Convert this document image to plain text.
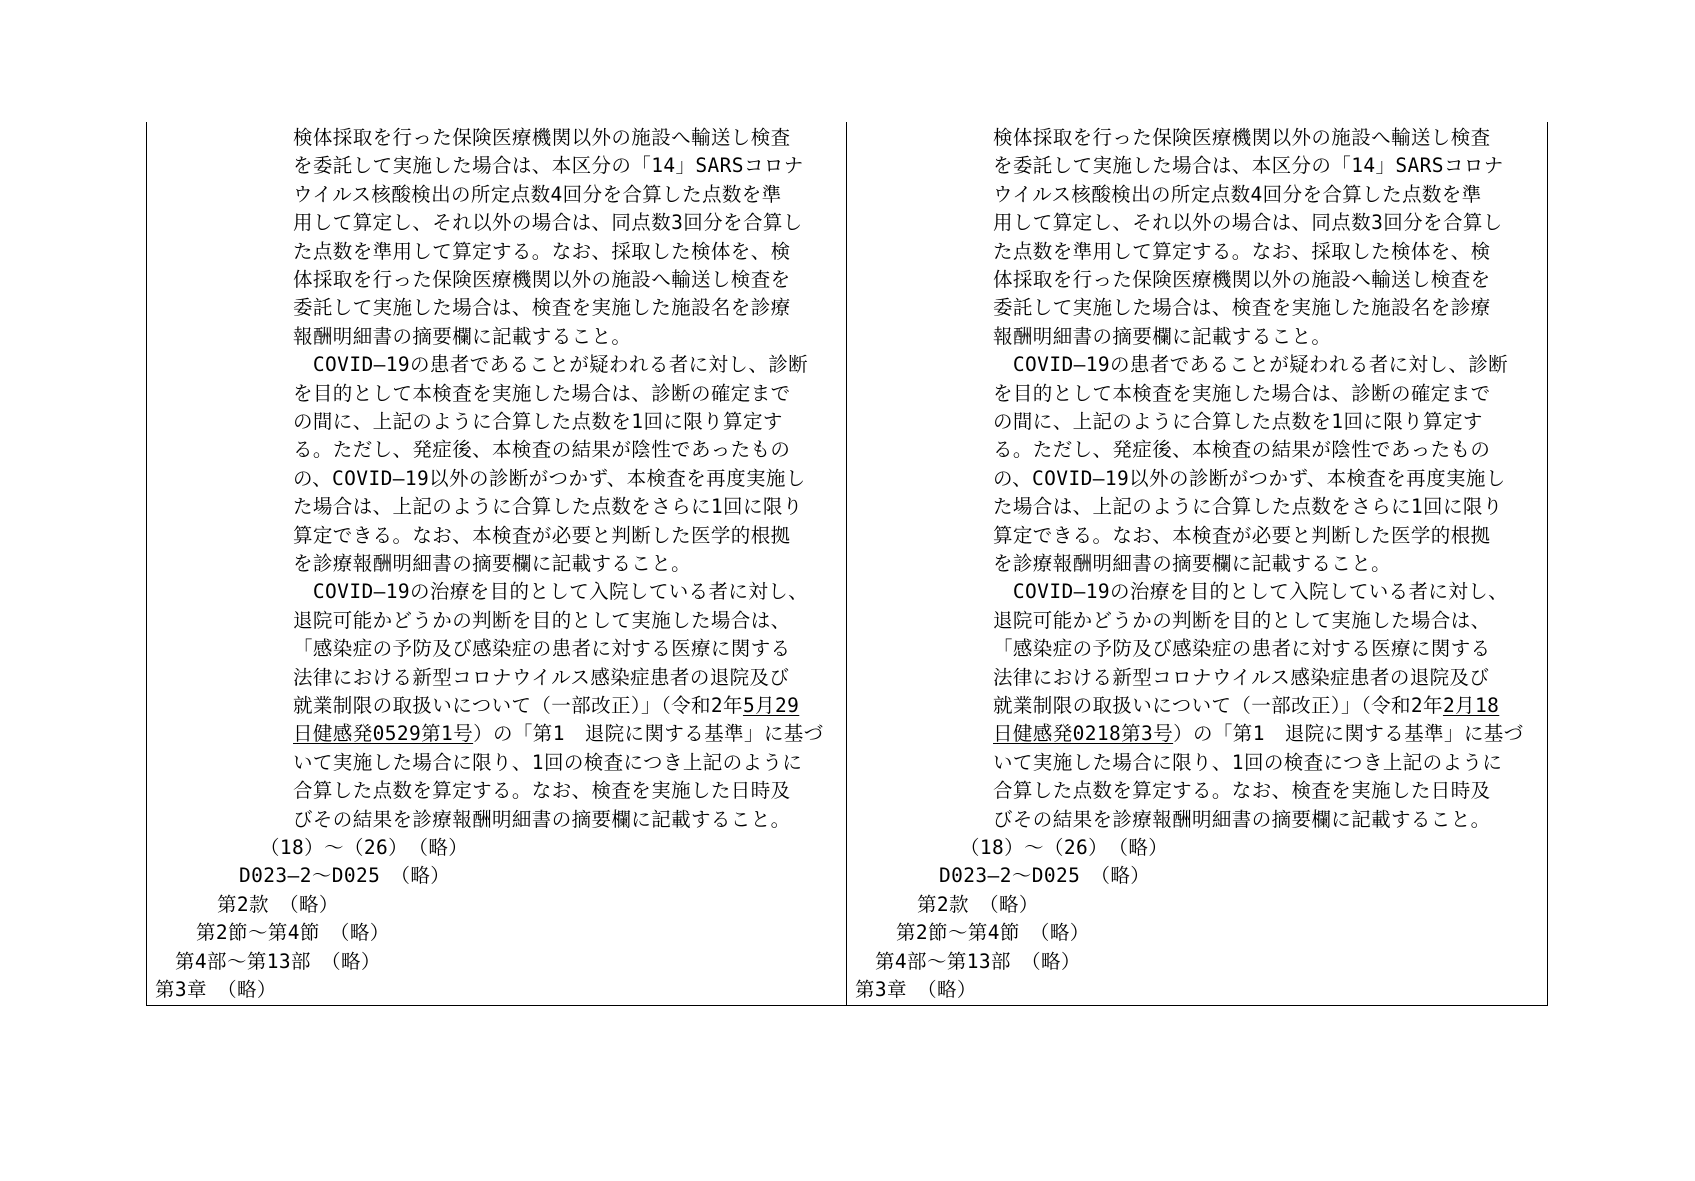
検体採取を行った保険医療機関以外の施設へ輸送し検査
を委託して実施した場合は、本区分の「14」SARSコロナ
ウイルス核酸検出の所定点数4回分を合算した点数を準
用して算定し、それ以外の場合は、同点数3回分を合算し
た点数を準用して算定する。なお、採取した検体を、検
体採取を行った保険医療機関以外の施設へ輸送し検査を
委託して実施した場合は、検査を実施した施設名を診療
報酬明細書の摘要欄に記載すること。
　COVID—19の患者であることが疑われる者に対し、診断
を目的として本検査を実施した場合は、診断の確定まで
の間に、上記のように合算した点数を1回に限り算定す
る。ただし、発症後、本検査の結果が陰性であったもの
の、COVID—19以外の診断がつかず、本検査を再度実施し
た場合は、上記のように合算した点数をさらに1回に限り
算定できる。なお、本検査が必要と判断した医学的根拠
を診療報酬明細書の摘要欄に記載すること。
　COVID—19の治療を目的として入院している者に対し、
退院可能かどうかの判断を目的として実施した場合は、
「感染症の予防及び感染症の患者に対する医療に関する
法律における新型コロナウイルス感染症患者の退院及び
就業制限の取扱いについて（一部改正）」（令和2年5月29
日健感発0529第1号）の「第1　退院に関する基準」に基づ
いて実施した場合に限り、1回の検査につき上記のように
合算した点数を算定する。なお、検査を実施した日時及
びその結果を診療報酬明細書の摘要欄に記載すること。
（18）～（26）　（略）
D023—2～D025　（略）
第2款　（略）
第2節～第4節　（略）
第4部～第13部　（略）
第3章　（略）
検体採取を行った保険医療機関以外の施設へ輸送し検査
を委託して実施した場合は、本区分の「14」SARSコロナ
ウイルス核酸検出の所定点数4回分を合算した点数を準
用して算定し、それ以外の場合は、同点数3回分を合算し
た点数を準用して算定する。なお、採取した検体を、検
体採取を行った保険医療機関以外の施設へ輸送し検査を
委託して実施した場合は、検査を実施した施設名を診療
報酬明細書の摘要欄に記載すること。
　COVID—19の患者であることが疑われる者に対し、診断
を目的として本検査を実施した場合は、診断の確定まで
の間に、上記のように合算した点数を1回に限り算定す
る。ただし、発症後、本検査の結果が陰性であったもの
の、COVID—19以外の診断がつかず、本検査を再度実施し
た場合は、上記のように合算した点数をさらに1回に限り
算定できる。なお、本検査が必要と判断した医学的根拠
を診療報酬明細書の摘要欄に記載すること。
　COVID—19の治療を目的として入院している者に対し、
退院可能かどうかの判断を目的として実施した場合は、
「感染症の予防及び感染症の患者に対する医療に関する
法律における新型コロナウイルス感染症患者の退院及び
就業制限の取扱いについて（一部改正）」（令和2年2月18
日健感発0218第3号）の「第1　退院に関する基準」に基づ
いて実施した場合に限り、1回の検査につき上記のように
合算した点数を算定する。なお、検査を実施した日時及
びその結果を診療報酬明細書の摘要欄に記載すること。
（18）～（26）　（略）
D023—2～D025　（略）
第2款　（略）
第2節～第4節　（略）
第4部～第13部　（略）
第3章　（略）
